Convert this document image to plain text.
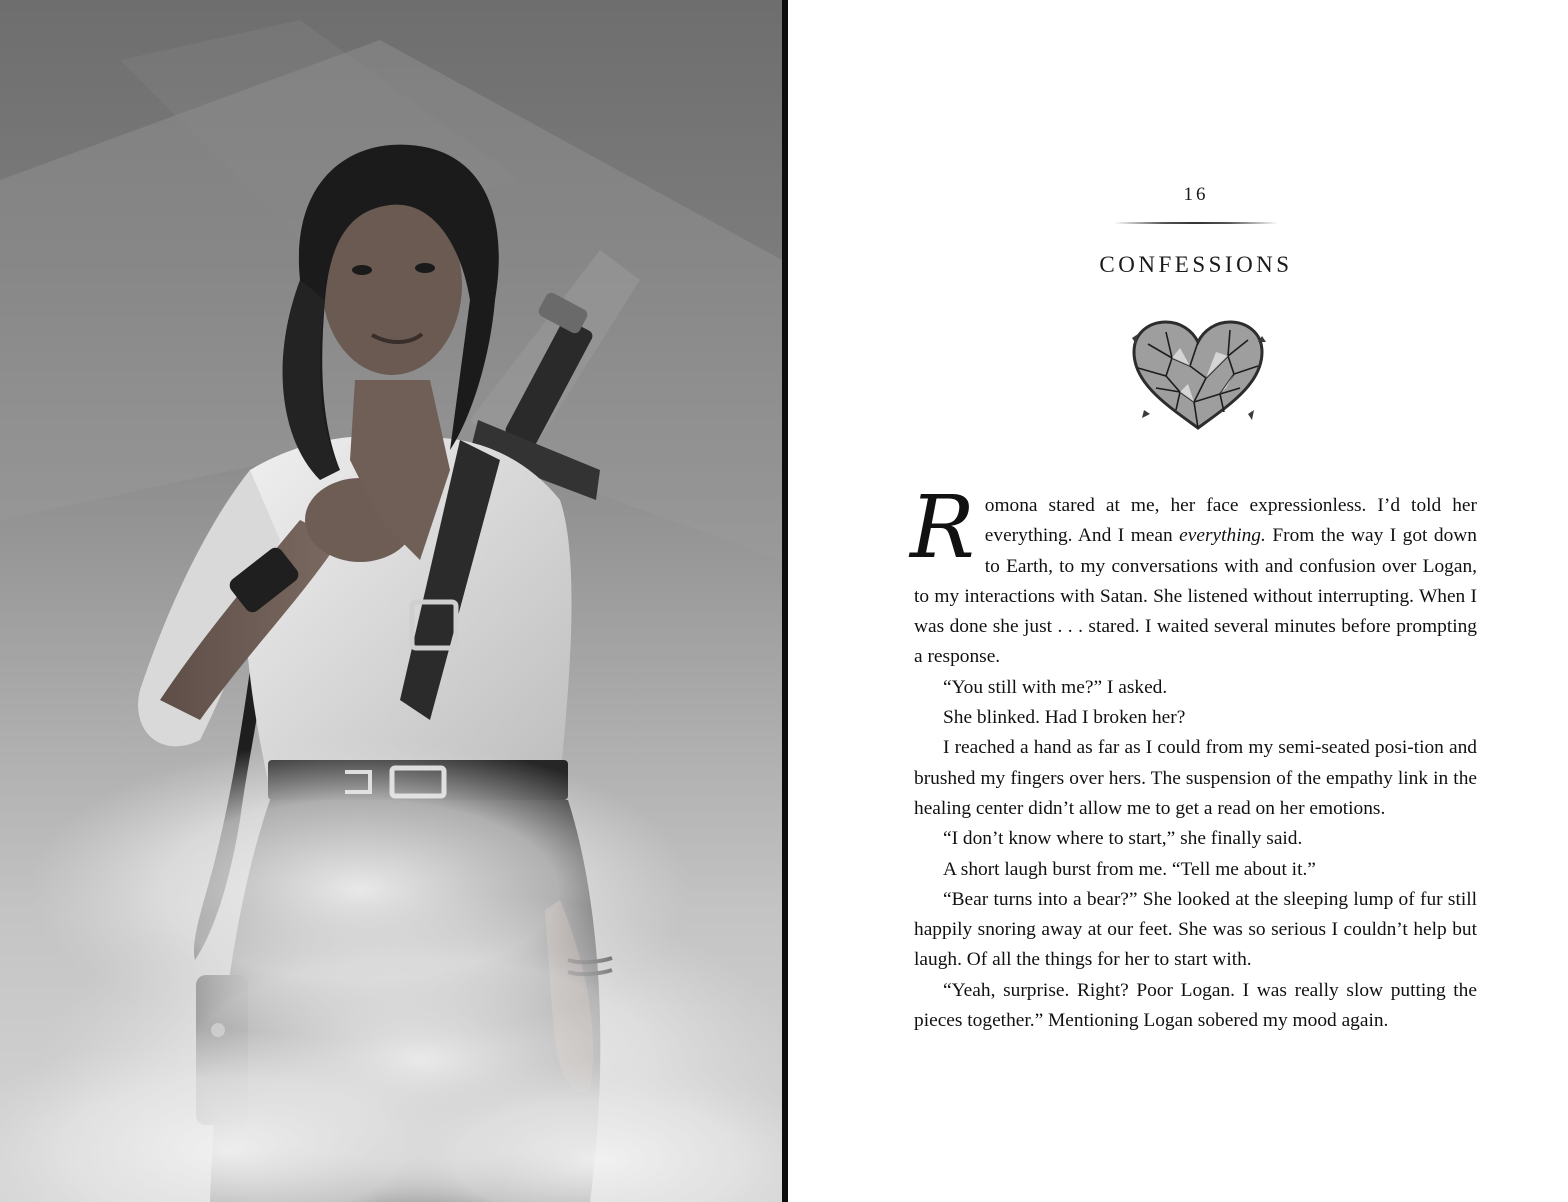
16
CONFESSIONS

Romona stared at me, her face expressionless. I’d told her everything. And I mean everything. From the way I got down to Earth, to my conversations with and confusion over Logan, to my interactions with Satan. She listened without interrupting. When I was done she just . . . stared. I waited several minutes before prompting a response.

“You still with me?” I asked.

She blinked. Had I broken her?

I reached a hand as far as I could from my semi-seated posi-tion and brushed my fingers over hers. The suspension of the empathy link in the healing center didn’t allow me to get a read on her emotions.

“I don’t know where to start,” she finally said.

A short laugh burst from me. “Tell me about it.”

“Bear turns into a bear?” She looked at the sleeping lump of fur still happily snoring away at our feet. She was so serious I couldn’t help but laugh. Of all the things for her to start with.

“Yeah, surprise. Right? Poor Logan. I was really slow putting the pieces together.” Mentioning Logan sobered my mood again.
